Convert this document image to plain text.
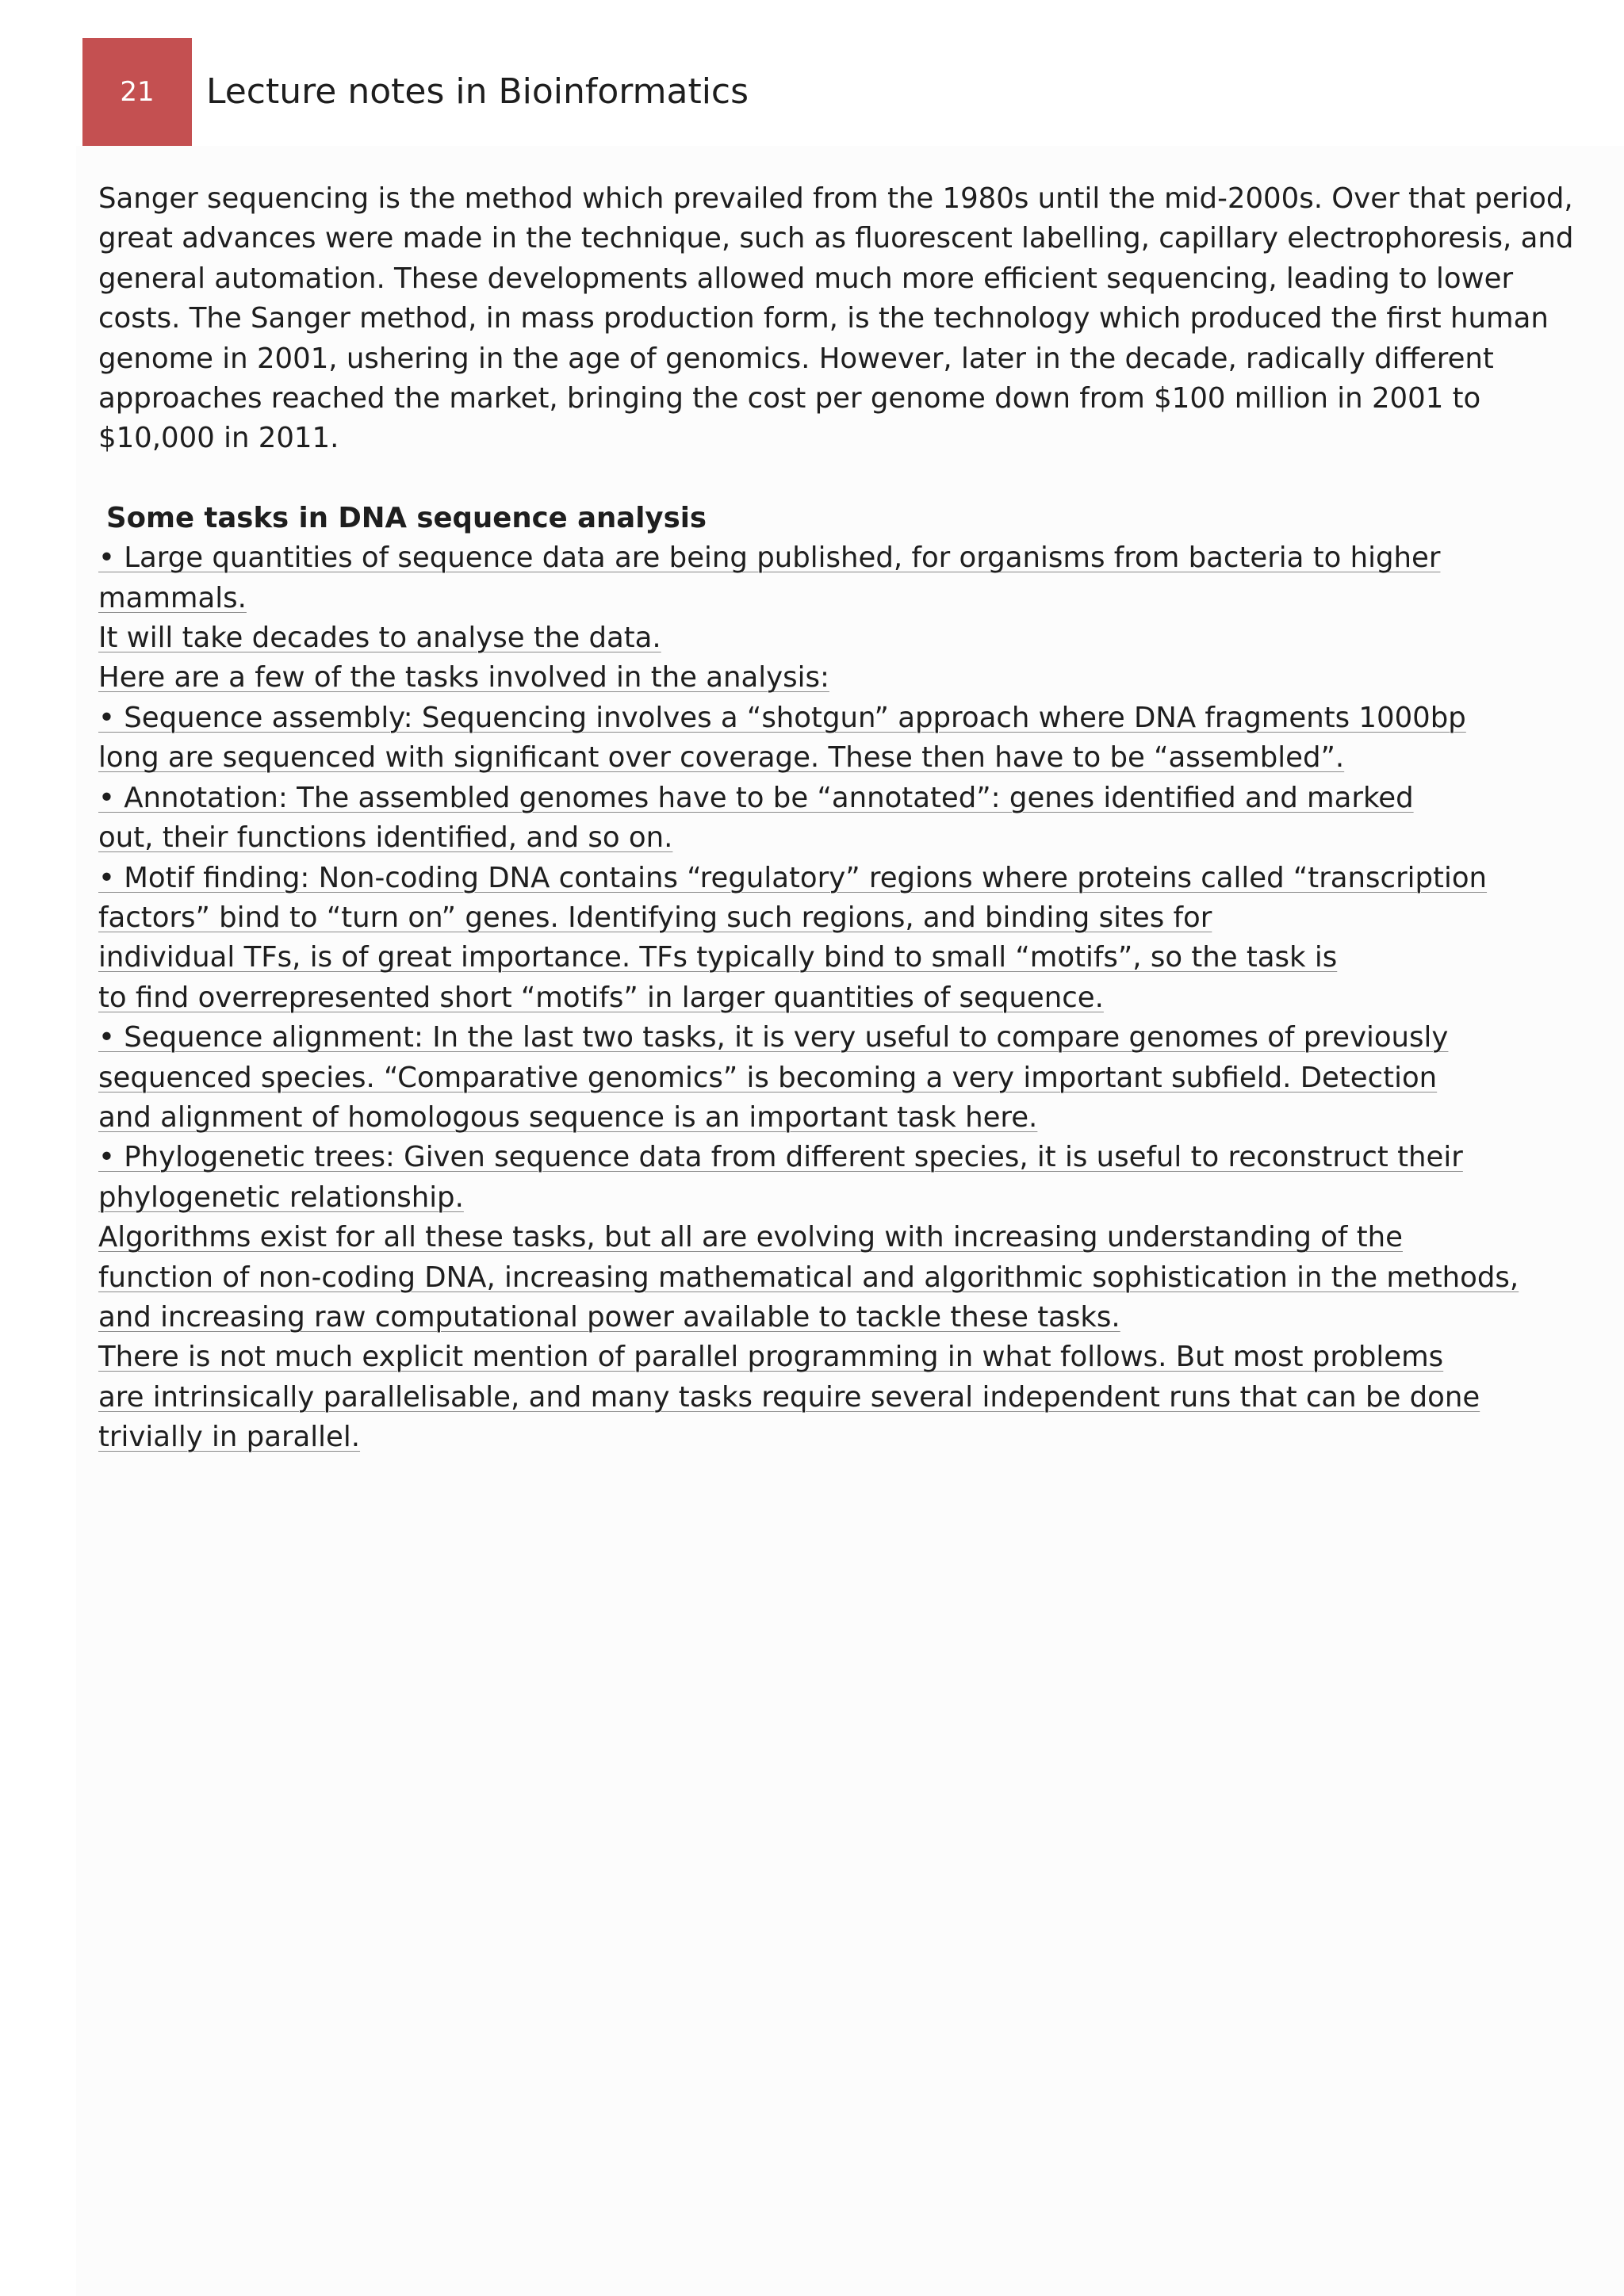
21 Lecture notes in Bioinformatics

Sanger sequencing is the method which prevailed from the 1980s until the mid-2000s. Over that period,
great advances were made in the technique, such as fluorescent labelling, capillary electrophoresis, and
general automation. These developments allowed much more efficient sequencing, leading to lower
costs. The Sanger method, in mass production form, is the technology which produced the first human
genome in 2001, ushering in the age of genomics. However, later in the decade, radically different
approaches reached the market, bringing the cost per genome down from $100 million in 2001 to
$10,000 in 2011.

Some tasks in DNA sequence analysis

• Large quantities of sequence data are being published, for organisms from bacteria to higher
mammals.
It will take decades to analyse the data.
Here are a few of the tasks involved in the analysis:
• Sequence assembly: Sequencing involves a “shotgun” approach where DNA fragments 1000bp
long are sequenced with significant over coverage. These then have to be “assembled”.
• Annotation: The assembled genomes have to be “annotated”: genes identified and marked
out, their functions identified, and so on.
• Motif finding: Non-coding DNA contains “regulatory” regions where proteins called “transcription
factors” bind to “turn on” genes. Identifying such regions, and binding sites for
individual TFs, is of great importance. TFs typically bind to small “motifs”, so the task is
to find overrepresented short “motifs” in larger quantities of sequence.
• Sequence alignment: In the last two tasks, it is very useful to compare genomes of previously
sequenced species. “Comparative genomics” is becoming a very important subfield. Detection
and alignment of homologous sequence is an important task here.
• Phylogenetic trees: Given sequence data from different species, it is useful to reconstruct their
phylogenetic relationship.
Algorithms exist for all these tasks, but all are evolving with increasing understanding of the
function of non-coding DNA, increasing mathematical and algorithmic sophistication in the methods,
and increasing raw computational power available to tackle these tasks.
There is not much explicit mention of parallel programming in what follows. But most problems
are intrinsically parallelisable, and many tasks require several independent runs that can be done
trivially in parallel.
